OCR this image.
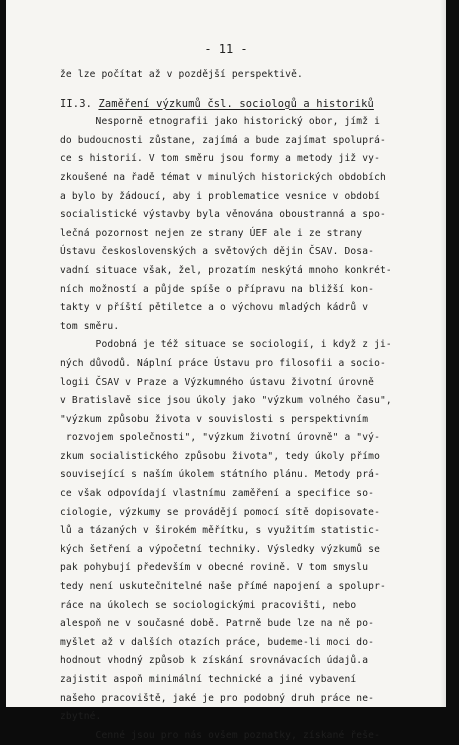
- 11 -
že lze počítat až v pozdější perspektivě.
II.3. Zaměření výzkumů čsl. sociologů a historiků
Nesporně etnografii jako historický obor, jímž i
do budoucnosti zůstane, zajímá a bude zajímat spoluprá-
ce s historií. V tom směru jsou formy a metody již vy-
zkoušené na řadě témat v minulých historických obdobích
a bylo by žádoucí, aby i problematice vesnice v období
socialistické výstavby byla věnována oboustranná a spo-
lečná pozornost nejen ze strany ÚEF ale i ze strany
Ústavu československých a světových dějin ČSAV. Dosa-
vadní situace však, žel, prozatím neskýtá mnoho konkrét-
ních možností a půjde spíše o přípravu na bližší kon-
takty v příští pětiletce a o výchovu mladých kádrů v
tom směru.
Podobná je též situace se sociologií, i když z ji-
ných důvodů. Náplní práce Ústavu pro filosofii a socio-
logii ČSAV v Praze a Výzkumného ústavu životní úrovně
v Bratislavě sice jsou úkoly jako "výzkum volného času",
"výzkum způsobu života v souvislosti s perspektivním
rozvojem společnosti", "výzkum životní úrovně" a "vý-
zkum socialistického způsobu života", tedy úkoly přímo
související s naším úkolem státního plánu. Metody prá-
ce však odpovídají vlastnímu zaměření a specifice so-
ciologie, výzkumy se provádějí pomocí sítě dopisovate-
lů a tázaných v širokém měřítku, s využitím statistic-
kých šetření a výpočetní techniky. Výsledky výzkumů se
pak pohybují především v obecné rovině. V tom smyslu
tedy není uskutečnitelné naše přímé napojení a spolupr-
ráce na úkolech se sociologickými pracovišti, nebo
alespoň ne v současné době. Patrně bude lze na ně po-
myšlet až v dalších otazích práce, budeme-li moci do-
hodnout vhodný způsob k získání srovnávacích údajů.a
zajistit aspoň minimální technické a jiné vybavení
našeho pracoviště, jaké je pro podobný druh práce ne-
zbytné.
Cenné jsou pro nás ovšem poznatky, získané řeše-
